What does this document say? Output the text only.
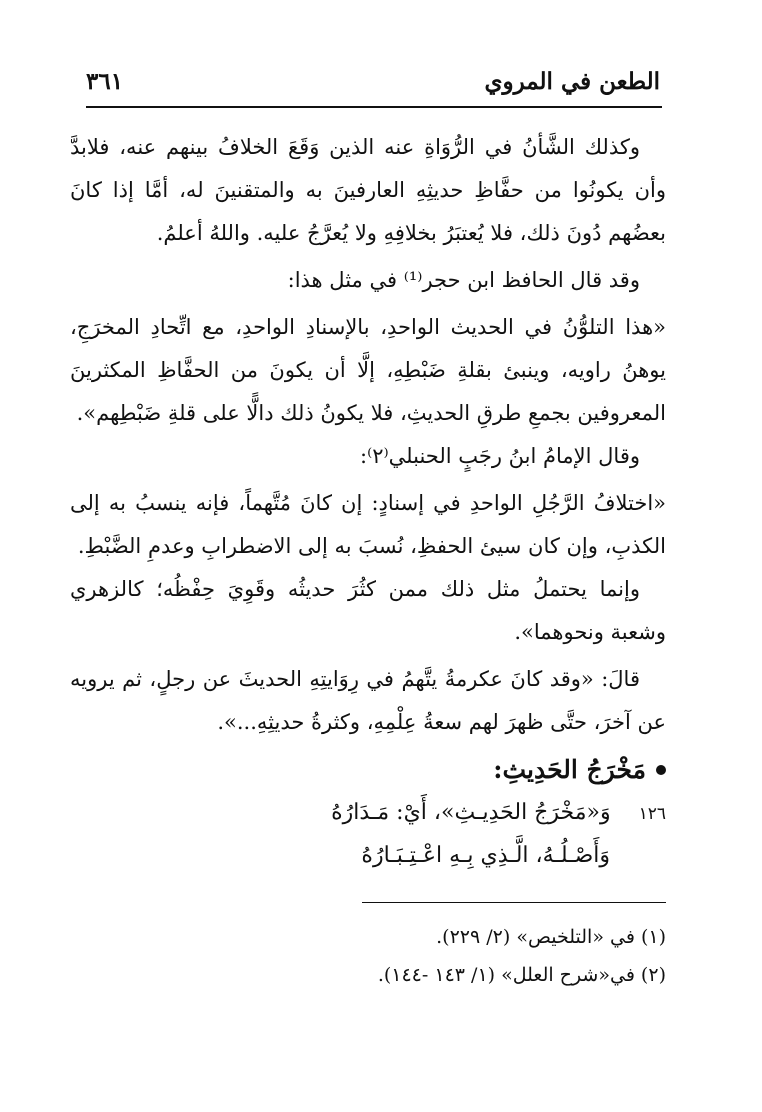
٣٦١	الطعن في المروي

وكذلك الشَّأنُ في الرُّوَاةِ عنه الذين وَقَعَ الخلافُ بينهم عنه، فلابدَّ وأن يكونُوا من حفَّاظِ حديثِهِ العارفينَ به والمتقنينَ له، أمَّا إذا كانَ بعضُهم دُونَ ذلك، فلا يُعتبَرُ بخلافِهِ ولا يُعرَّجُ عليه. واللهُ أعلمُ.

وقد قال الحافظ ابن حجر⁽¹⁾ في مثل هذا:

«هذا التلوُّنُ في الحديث الواحدِ، بالإسنادِ الواحدِ، مع اتِّحادِ المخرَجِ، يوهنُ راويه، وينبئ بقلةِ ضَبْطِهِ، إلَّا أن يكونَ من الحفَّاظِ المكثرينَ المعروفين بجمعِ طرقِ الحديثِ، فلا يكونُ ذلك دالًّا على قلةِ ضَبْطِهم».

وقال الإمامُ ابنُ رجَبٍ الحنبلي⁽٢⁾:

«اختلافُ الرَّجُلِ الواحدِ في إسنادٍ: إن كانَ مُتَّهماً، فإنه ينسبُ به إلى الكذبِ، وإن كان سيئ الحفظِ، نُسبَ به إلى الاضطرابِ وعدمِ الضَّبْطِ.

وإنما يحتملُ مثل ذلك ممن كثُرَ حديثُه وقَوِيَ حِفْظُه؛ كالزهري وشعبة ونحوهما».

قالَ: «وقد كانَ عكرمةُ يتَّهمُ في رِوَايتِهِ الحديثَ عن رجلٍ، ثم يرويه عن آخرَ، حتَّى ظهرَ لهم سعةُ عِلْمِهِ، وكثرةُ حديثِهِ...».

مَخْرَجُ الحَدِيثِ:

١٢٦
وَ«مَخْرَجُ الحَدِيـثِ»، أَيْ: مَـدَارُهُ
وَأَصْـلُـهُ، الَّـذِي بِـهِ اعْـتِـبَـارُهُ

(١) في «التلخيص» (٢/ ٢٢٩).

(٢) في«شرح العلل» (١/ ١٤٣ -١٤٤).
